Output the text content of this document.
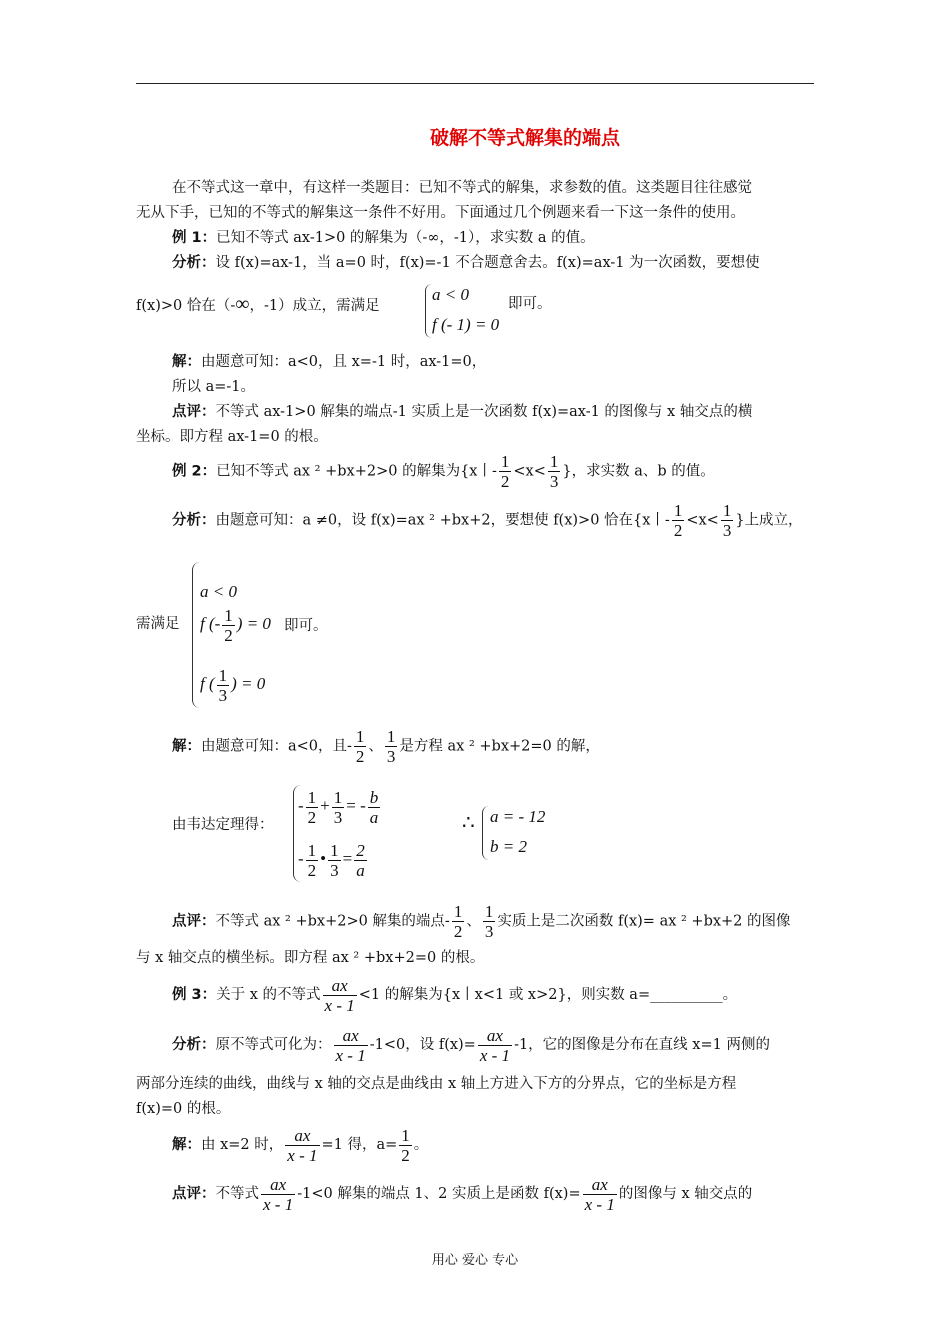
破解不等式解集的端点
在不等式这一章中，有这样一类题目：已知不等式的解集，求参数的值。这类题目往往感觉
无从下手，已知的不等式的解集这一条件不好用。下面通过几个例题来看一下这一条件的使用。
例 1：已知不等式 ax-1>0 的解集为（-∞，-1），求实数 a 的值。
分析：设 f(x)=ax-1，当 a=0 时，f(x)=-1 不合题意舍去。f(x)=ax-1 为一次函数，要想使
f(x)>0 恰在（-∞，-1）成立，需满足
a < 0
f (- 1) = 0
即可。
解：由题意可知：a<0，且 x=-1 时，ax-1=0，
所以 a=-1。
点评：不等式 ax-1>0 解集的端点-1 实质上是一次函数 f(x)=ax-1 的图像与 x 轴交点的横
坐标。即方程 ax-1=0 的根。
例 2：已知不等式 ax ² +bx+2>0 的解集为{x丨- $\frac{1}{2} <x< \frac{1}{3}$ }，求实数 a、b 的值。
分析：由题意可知：a ≠0，设 f(x)=ax ² +bx+2，要想使 f(x)>0 恰在{x丨- $\frac{1}{2} <x< \frac{1}{3}$ }上成立，
需满足
a < 0
f (- $\frac{1}{2}$ ) = 0
f ( $\frac{1}{3}$ ) = 0
即可。
解：由题意可知：a<0，且- $\frac{1}{2}$ 、 $\frac{1}{3}$ 是方程 ax ² +bx+2=0 的解，
由韦达定理得：
- $\frac{1}{2} + \frac{1}{3}$ = - $\frac{b}{a}$
- $\frac{1}{2}$ • $\frac{1}{3} = \frac{2}{a}$
∴ a = - 12
b = 2
点评：不等式 ax ² +bx+2>0 解集的端点- $\frac{1}{2}$ 、 $\frac{1}{3}$ 实质上是二次函数 f(x)= ax ² +bx+2 的图像
与 x 轴交点的横坐标。即方程 ax ² +bx+2=0 的根。
例 3：关于 x 的不等式 $\frac{ax}{x - 1} <1$ 的解集为{x丨x<1 或 x>2}，则实数 a=__________。
分析：原不等式可化为： $\frac{ax}{x - 1} -1<0$，设 $f(x)= \frac{ax}{x - 1} -1$，它的图像是分布在直线 x=1 两侧的
两部分连续的曲线，曲线与 x 轴的交点是曲线由 x 轴上方进入下方的分界点，它的坐标是方程
f(x)=0 的根。
解：由 x=2 时， $\frac{ax}{x - 1} =1$ 得，$a= \frac{1}{2}$ 。
点评：不等式 $\frac{ax}{x - 1} -1<0$ 解集的端点 1、2 实质上是函数 $f(x)= \frac{ax}{x - 1}$ 的图像与 x 轴交点的
用心 爱心 专心
